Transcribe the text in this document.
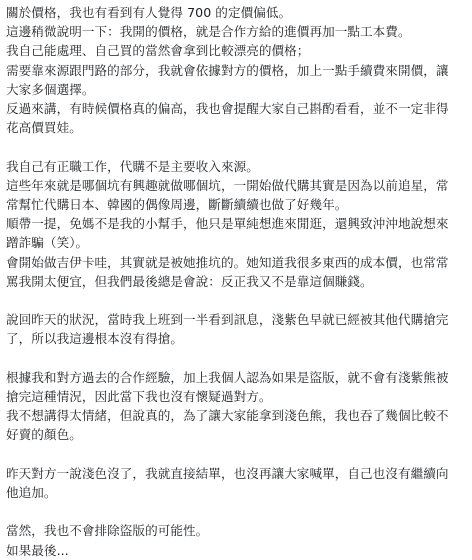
關於價格，我也有看到有人覺得 700 的定價偏低。
這邊稍微說明一下：我開的價格，就是合作方給的進價再加一點工本費。
我自己能處理、自己買的當然會拿到比較漂亮的價格；
需要靠來源跟門路的部分，我就會依據對方的價格，加上一點手續費來開價，讓
大家多個選擇。
反過來講，有時候價格真的偏高，我也會提醒大家自己斟酌看看，並不一定非得
花高價買娃。
我自己有正職工作，代購不是主要收入來源。
這些年來就是哪個坑有興趣就做哪個坑，一開始做代購其實是因為以前追星，常
常幫忙代購日本、韓國的偶像周邊，斷斷續續也做了好幾年。
順帶一提，免媽不是我的小幫手，他只是單純想進來閒逛，還興致沖沖地說想來
蹭詐騙（笑）。
會開始做吉伊卡哇，其實就是被她推坑的。她知道我很多東西的成本價，也常常
罵我開太便宜，但我們最後總是會說：反正我又不是靠這個賺錢。
說回昨天的狀況，當時我上班到一半看到訊息，淺紫色早就已經被其他代購搶完
了，所以我這邊根本沒有得搶。
根據我和對方過去的合作經驗，加上我個人認為如果是盜版，就不會有淺紫熊被
搶完這種情況，因此當下我也沒有懷疑過對方。
我不想講得太情緒，但說真的，為了讓大家能拿到淺色熊，我也吞了幾個比較不
好賣的顏色。
昨天對方一說淺色沒了，我就直接結單，也沒再讓大家喊單，自己也沒有繼續向
他追加。
當然，我也不會排除盜版的可能性。
如果最後...
